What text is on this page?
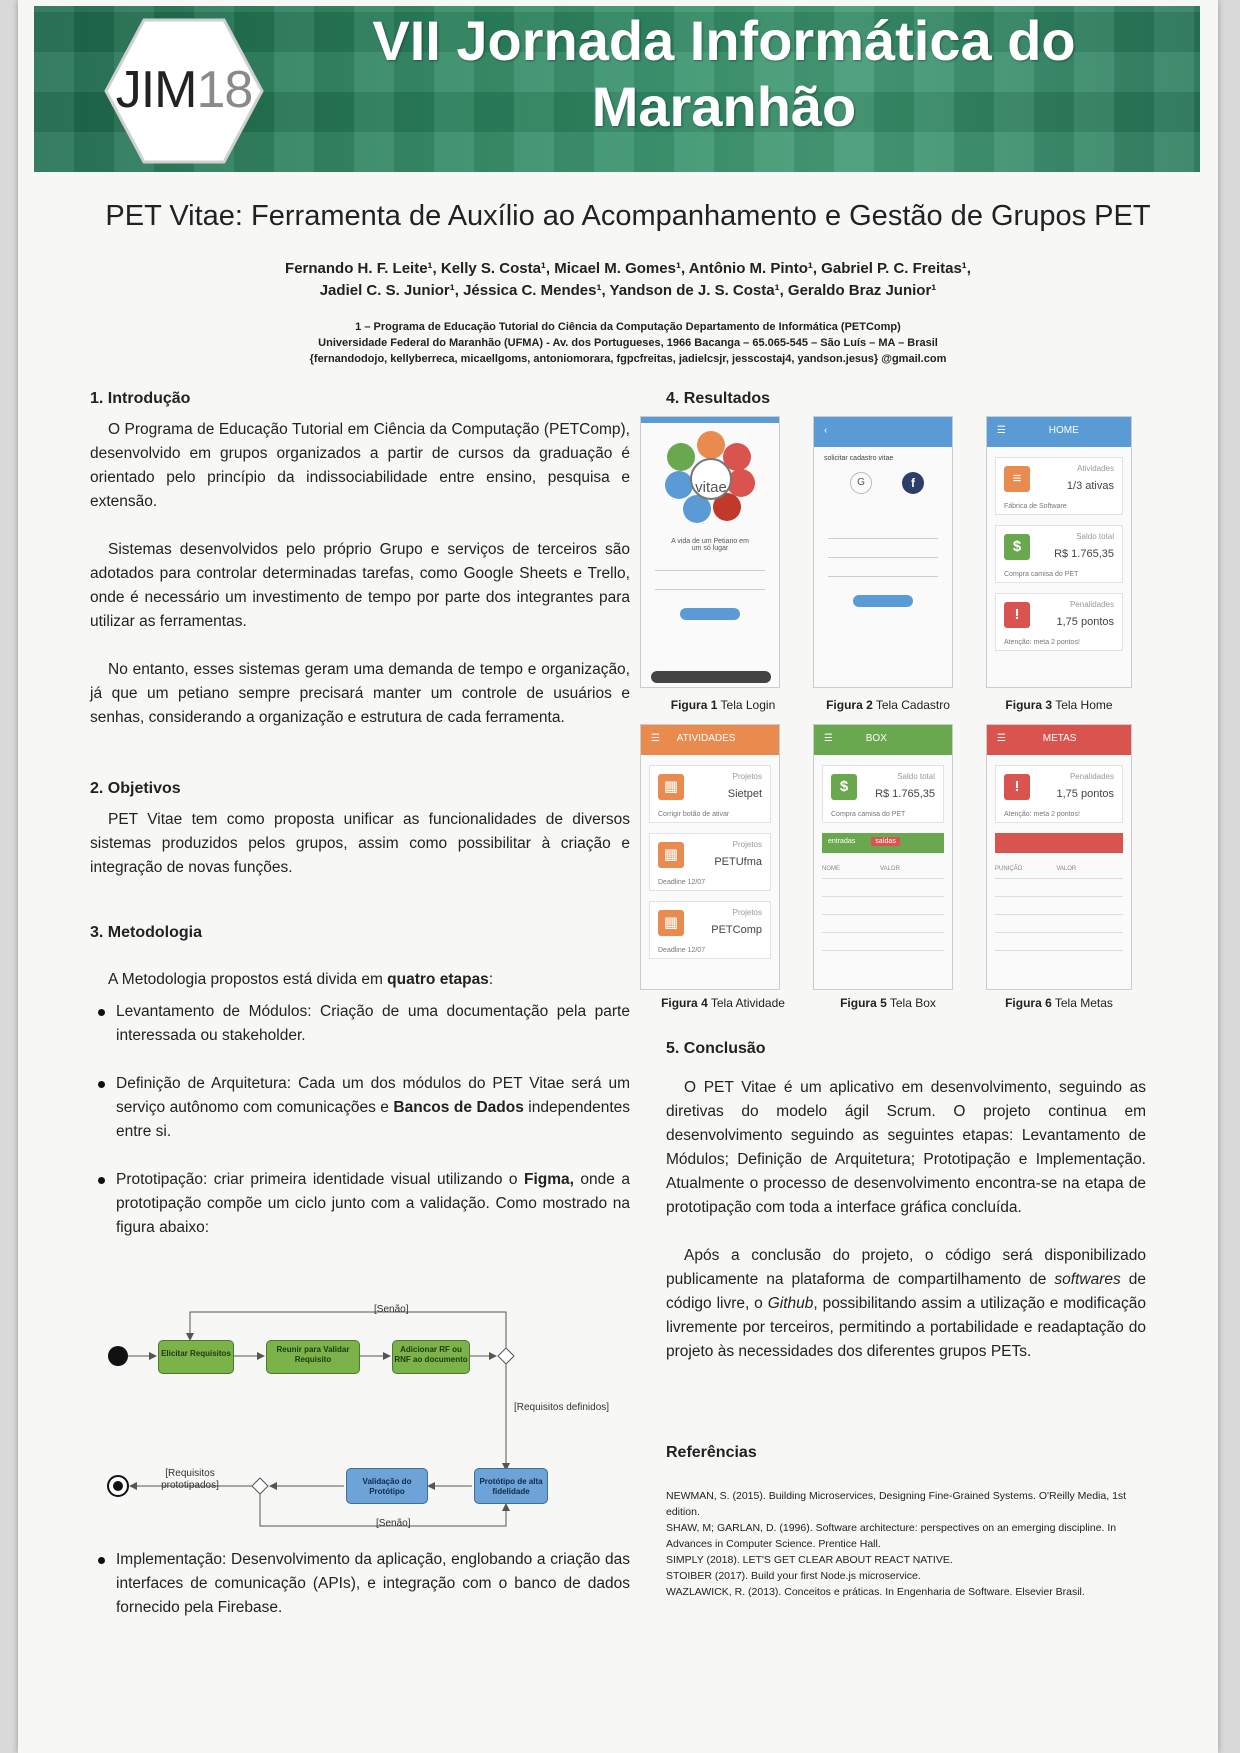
JIM18
VII Jornada Informática do
Maranhão
PET Vitae: Ferramenta de Auxílio ao Acompanhamento e Gestão de Grupos PET
Fernando H. F. Leite¹, Kelly S. Costa¹, Micael M. Gomes¹, Antônio M. Pinto¹, Gabriel P. C. Freitas¹,
Jadiel C. S. Junior¹, Jéssica C. Mendes¹, Yandson de J. S. Costa¹, Geraldo Braz Junior¹
1 – Programa de Educação Tutorial do Ciência da Computação Departamento de Informática (PETComp)
Universidade Federal do Maranhão (UFMA) - Av. dos Portugueses, 1966 Bacanga – 65.065-545 – São Luís – MA – Brasil
{fernandodojo, kellyberreca, micaellgoms, antoniomorara, fgpcfreitas, jadielcsjr, jesscostaj4, yandson.jesus} @gmail.com
1. Introdução

O Programa de Educação Tutorial em Ciência da Computação (PETComp), desenvolvido em grupos organizados a partir de cursos da graduação é orientado pelo princípio da indissociabilidade entre ensino, pesquisa e extensão.

Sistemas desenvolvidos pelo próprio Grupo e serviços de terceiros são adotados para controlar determinadas tarefas, como Google Sheets e Trello, onde é necessário um investimento de tempo por parte dos integrantes para utilizar as ferramentas.

No entanto, esses sistemas geram uma demanda de tempo e organização, já que um petiano sempre precisará manter um controle de usuários e senhas, considerando a organização e estrutura de cada ferramenta.

2. Objetivos

PET Vitae tem como proposta unificar as funcionalidades de diversos sistemas produzidos pelos grupos, assim como possibilitar à criação e integração de novas funções.

3. Metodologia

A Metodologia propostos está divida em quatro etapas:

Levantamento de Módulos: Criação de uma documentação pela parte interessada ou stakeholder.
Definição de Arquitetura: Cada um dos módulos do PET Vitae será um serviço autônomo com comunicações e Bancos de Dados independentes entre si.
Prototipação: criar primeira identidade visual utilizando o Figma, onde a prototipação compõe um ciclo junto com a validação. Como mostrado na figura abaixo:
[Senão]
Elicitar Requisitos	Reunir para Validar Requisito
Adicionar RF ou RNF ao documento
[Requisitos definidos]
Protótipo de alta fidelidade
Validação do Protótipo
[Requisitos prototipados]
[Senão]
Implementação: Desenvolvimento da aplicação, englobando a criação das interfaces de comunicação (APIs), e integração com o banco de dados fornecido pela Firebase.
4. Resultados
vitae
A vida de um Petiano em um só lugar
Figura 1 Tela Login
‹
solicitar cadastro vitae
G	f
Figura 2 Tela Cadastro
☰	HOME
≡
Atividades
1/3 ativas
Fábrica de Software
$
Saldo total
R$ 1.765,35
Compra camisa do PET
!
Penalidades
1,75 pontos
Atenção: meta 2 pontos!
Figura 3 Tela Home
☰ ATIVIDADES
▦
Projetos
Sietpet
Corrigir botão de ativar
▦
Projetos
PETUfma
Deadline 12/07
▦
Projetos
PETComp
Deadline 12/07
Figura 4 Tela Atividade
☰	BOX
$
Saldo total
R$ 1.765,35
Compra camisa do PET
entradas	saídas
NOME	VALOR
Figura 5 Tela Box
☰	METAS
!
Penalidades
1,75 pontos
Atenção: meta 2 pontos!
PUNIÇÃO	VALOR
Figura 6 Tela Metas
5. Conclusão

O PET Vitae é um aplicativo em desenvolvimento, seguindo as diretivas do modelo ágil Scrum. O projeto continua em desenvolvimento seguindo as seguintes etapas: Levantamento de Módulos; Definição de Arquitetura; Prototipação e Implementação. Atualmente o processo de desenvolvimento encontra-se na etapa de prototipação com toda a interface gráfica concluída.

Após a conclusão do projeto, o código será disponibilizado publicamente na plataforma de compartilhamento de softwares de código livre, o Github, possibilitando assim a utilização e modificação livremente por terceiros, permitindo a portabilidade e readaptação do projeto às necessidades dos diferentes grupos PETs.

Referências

NEWMAN, S. (2015). Building Microservices, Designing Fine-Grained Systems. O'Reilly Media, 1st edition.

SHAW, M; GARLAN, D. (1996). Software architecture: perspectives on an emerging discipline. In Advances in Computer Science. Prentice Hall.

SIMPLY (2018). LET'S GET CLEAR ABOUT REACT NATIVE.

STOIBER (2017). Build your first Node.js microservice.

WAZLAWICK, R. (2013). Conceitos e práticas. In Engenharia de Software. Elsevier Brasil.
